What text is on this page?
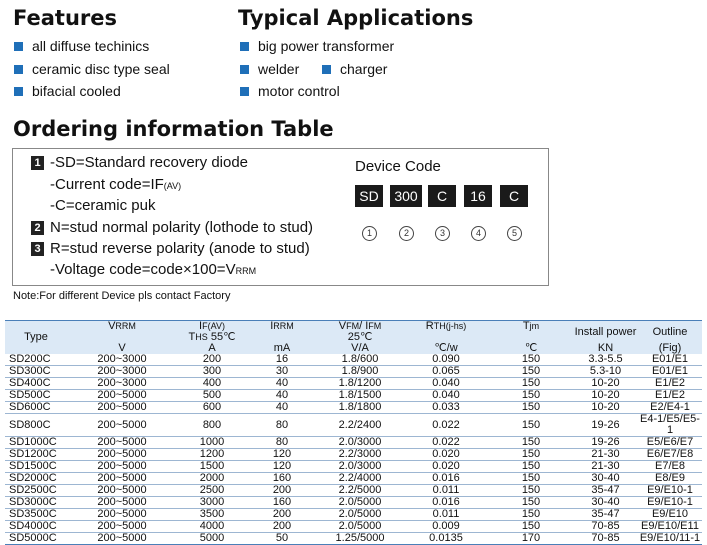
Features
all diffuse techinics
ceramic disc type seal
bifacial cooled
Typical Applications
big power transformer
welder	charger
motor control
Ordering information Table
1 -SD=Standard recovery diode
-Current code=IF(AV)
-C=ceramic puk
2 N=stud normal polarity (lothode to stud)
3 R=stud reverse polarity (anode to stud)
-Voltage code=code×100=VRRM
Device Code
SD	300	C	16	C
1	2	3	4	5
Note:For different Device pls contact Factory
Type	VRRM	IF(AV)	IRRM	VFM/ IFM	RTH(j-hs)	Tjm	Install power	Outline
		THS 55℃		25℃				
	V	A	mA	V/A	℃/w	℃	KN	(Fig)
SD200C	200~3000	200	16	1.8/600	0.090	150	3.3-5.5	E01/E1
SD300C	200~3000	300	30	1.8/900	0.065	150	5.3-10	E01/E1
SD400C	200~3000	400	40	1.8/1200	0.040	150	10-20	E1/E2
SD500C	200~5000	500	40	1.8/1500	0.040	150	10-20	E1/E2
SD600C	200~5000	600	40	1.8/1800	0.033	150	10-20	E2/E4-1
SD800C	200~5000	800	80	2.2/2400	0.022	150	19-26	E4-1/E5/E5-1
SD1000C	200~5000	1000	80	2.0/3000	0.022	150	19-26	E5/E6/E7
SD1200C	200~5000	1200	120	2.2/3000	0.020	150	21-30	E6/E7/E8
SD1500C	200~5000	1500	120	2.0/3000	0.020	150	21-30	E7/E8
SD2000C	200~5000	2000	160	2.2/4000	0.016	150	30-40	E8/E9
SD2500C	200~5000	2500	200	2.2/5000	0.011	150	35-47	E9/E10-1
SD3000C	200~5000	3000	160	2.0/5000	0.016	150	30-40	E9/E10-1
SD3500C	200~5000	3500	200	2.0/5000	0.011	150	35-47	E9/E10
SD4000C	200~5000	4000	200	2.0/5000	0.009	150	70-85	E9/E10/E11
SD5000C	200~5000	5000	50	1.25/5000	0.0135	170	70-85	E9/E10/11-1
